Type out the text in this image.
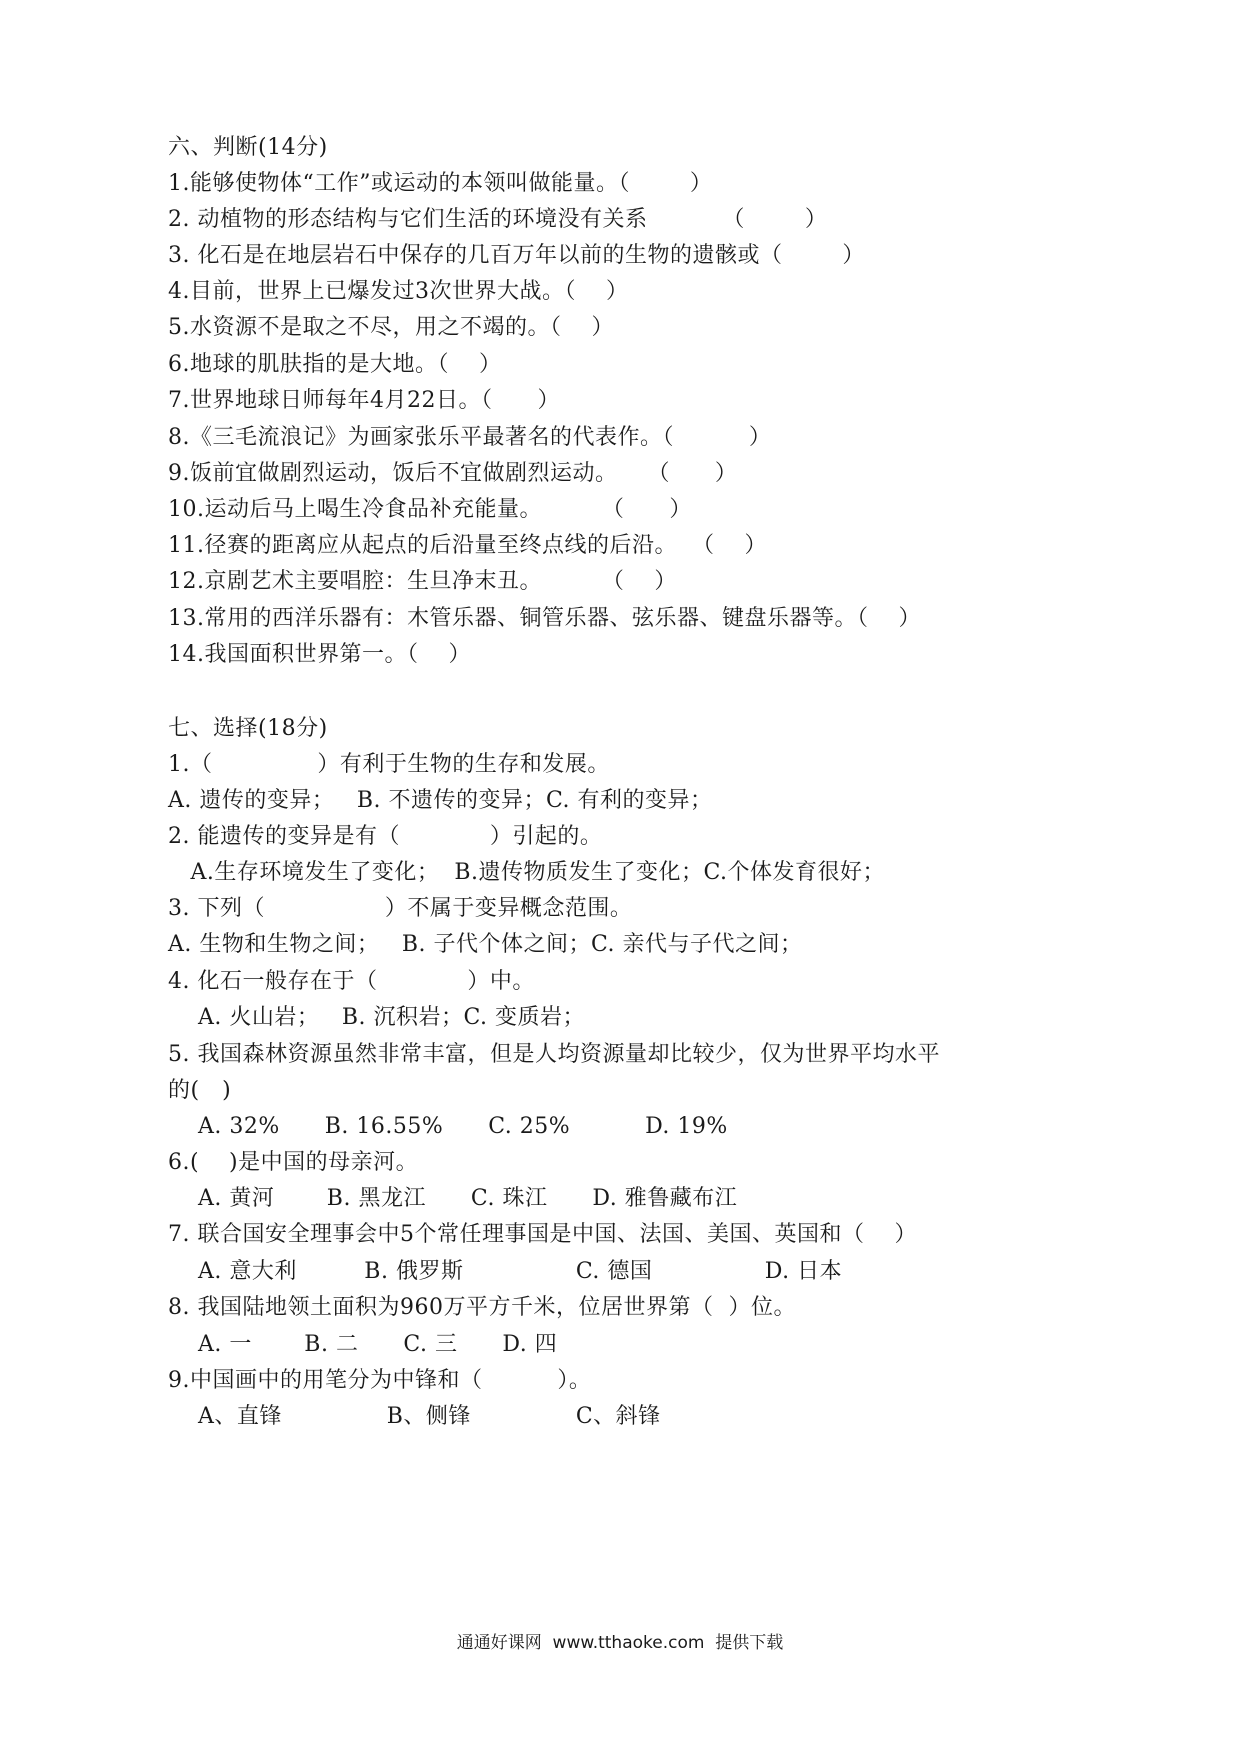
六、判断(14分)
1.能够使物体“工作”或运动的本领叫做能量。（        ）
2. 动植物的形态结构与它们生活的环境没有关系          （        ）
3. 化石是在地层岩石中保存的几百万年以前的生物的遗骸或（        ）
4.目前，世界上已爆发过3次世界大战。（    ）
5.水资源不是取之不尽，用之不竭的。（    ）
6.地球的肌肤指的是大地。（    ）
7.世界地球日师每年4月22日。（      ）
8.《三毛流浪记》为画家张乐平最著名的代表作。（          ）
9.饭前宜做剧烈运动，饭后不宜做剧烈运动。    （      ）
10.运动后马上喝生冷食品补充能量。        （      ）
11.径赛的距离应从起点的后沿量至终点线的后沿。  （    ）
12.京剧艺术主要唱腔：生旦净末丑。        （    ）
13.常用的西洋乐器有：木管乐器、铜管乐器、弦乐器、键盘乐器等。（    ）
14.我国面积世界第一。（    ）
七、选择(18分)
1.（              ）有利于生物的生存和发展。
A. 遗传的变异；   B. 不遗传的变异；C. 有利的变异；
2. 能遗传的变异是有（            ）引起的。
A.生存环境发生了变化；  B.遗传物质发生了变化；C.个体发育很好；
3. 下列（                ）不属于变异概念范围。
A. 生物和生物之间；   B. 子代个体之间；C. 亲代与子代之间；
4. 化石一般存在于（            ）中。
A. 火山岩；   B. 沉积岩；C. 变质岩；
5. 我国森林资源虽然非常丰富，但是人均资源量却比较少，仅为世界平均水平
的(   )
A. 32%      B. 16.55%      C. 25%          D. 19%
6.(    )是中国的母亲河。
A. 黄河       B. 黑龙江      C. 珠江      D. 雅鲁藏布江
7. 联合国安全理事会中5个常任理事国是中国、法国、美国、英国和（    ）
A. 意大利         B. 俄罗斯               C. 德国               D. 日本
8. 我国陆地领土面积为960万平方千米，位居世界第（  ）位。
A. 一       B. 二      C. 三      D. 四
9.中国画中的用笔分为中锋和（          ）。
A、直锋              B、侧锋              C、斜锋
通通好课网  www.tthaoke.com  提供下载
